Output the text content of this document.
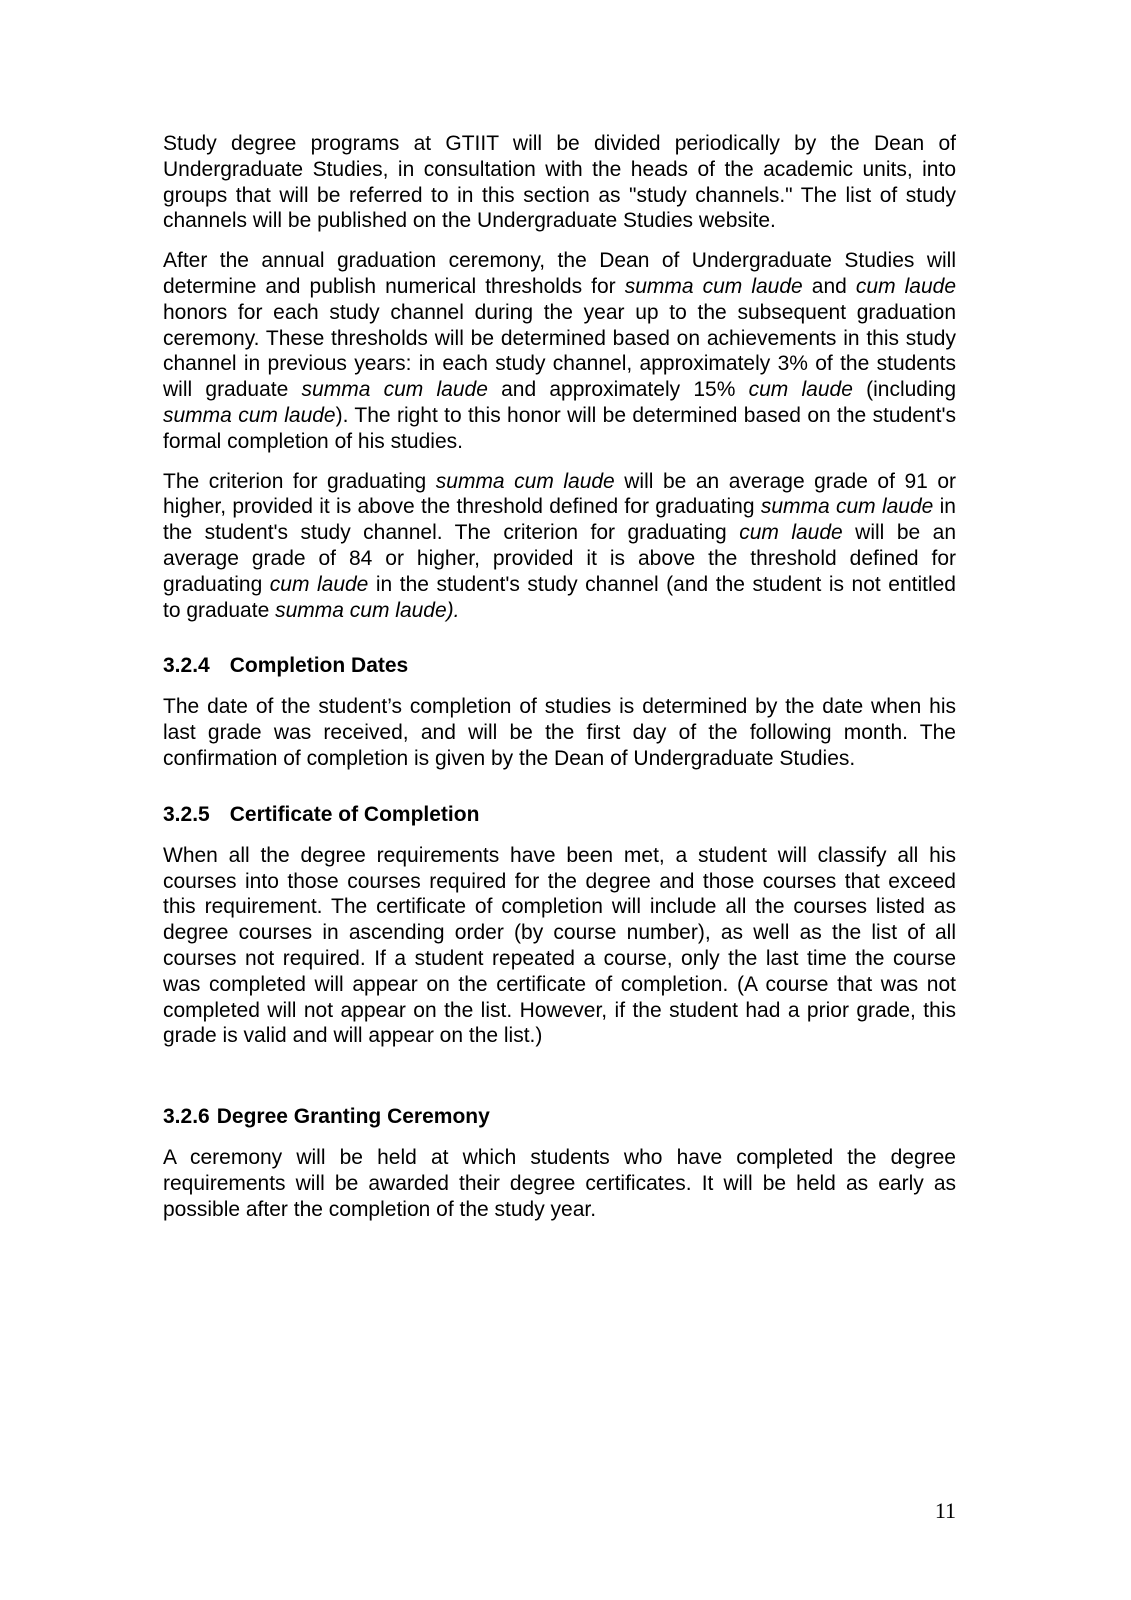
Study degree programs at GTIIT will be divided periodically by the Dean of Undergraduate Studies, in consultation with the heads of the academic units, into groups that will be referred to in this section as "study channels." The list of study channels will be published on the Undergraduate Studies website.

After the annual graduation ceremony, the Dean of Undergraduate Studies will determine and publish numerical thresholds for summa cum laude and cum laude honors for each study channel during the year up to the subsequent graduation ceremony. These thresholds will be determined based on achievements in this study channel in previous years: in each study channel, approximately 3% of the students will graduate summa cum laude and approximately 15% cum laude (including summa cum laude). The right to this honor will be determined based on the student's formal completion of his studies.

The criterion for graduating summa cum laude will be an average grade of 91 or higher, provided it is above the threshold defined for graduating summa cum laude in the student's study channel. The criterion for graduating cum laude will be an average grade of 84 or higher, provided it is above the threshold defined for graduating cum laude in the student's study channel (and the student is not entitled to graduate summa cum laude).

3.2.4 Completion Dates

The date of the student’s completion of studies is determined by the date when his last grade was received, and will be the first day of the following month. The confirmation of completion is given by the Dean of Undergraduate Studies.

3.2.5 Certificate of Completion

When all the degree requirements have been met, a student will classify all his courses into those courses required for the degree and those courses that exceed this requirement. The certificate of completion will include all the courses listed as degree courses in ascending order (by course number), as well as the list of all courses not required. If a student repeated a course, only the last time the course was completed will appear on the certificate of completion. (A course that was not completed will not appear on the list. However, if the student had a prior grade, this grade is valid and will appear on the list.)

3.2.6 Degree Granting Ceremony

A ceremony will be held at which students who have completed the degree requirements will be awarded their degree certificates. It will be held as early as possible after the completion of the study year.

11
